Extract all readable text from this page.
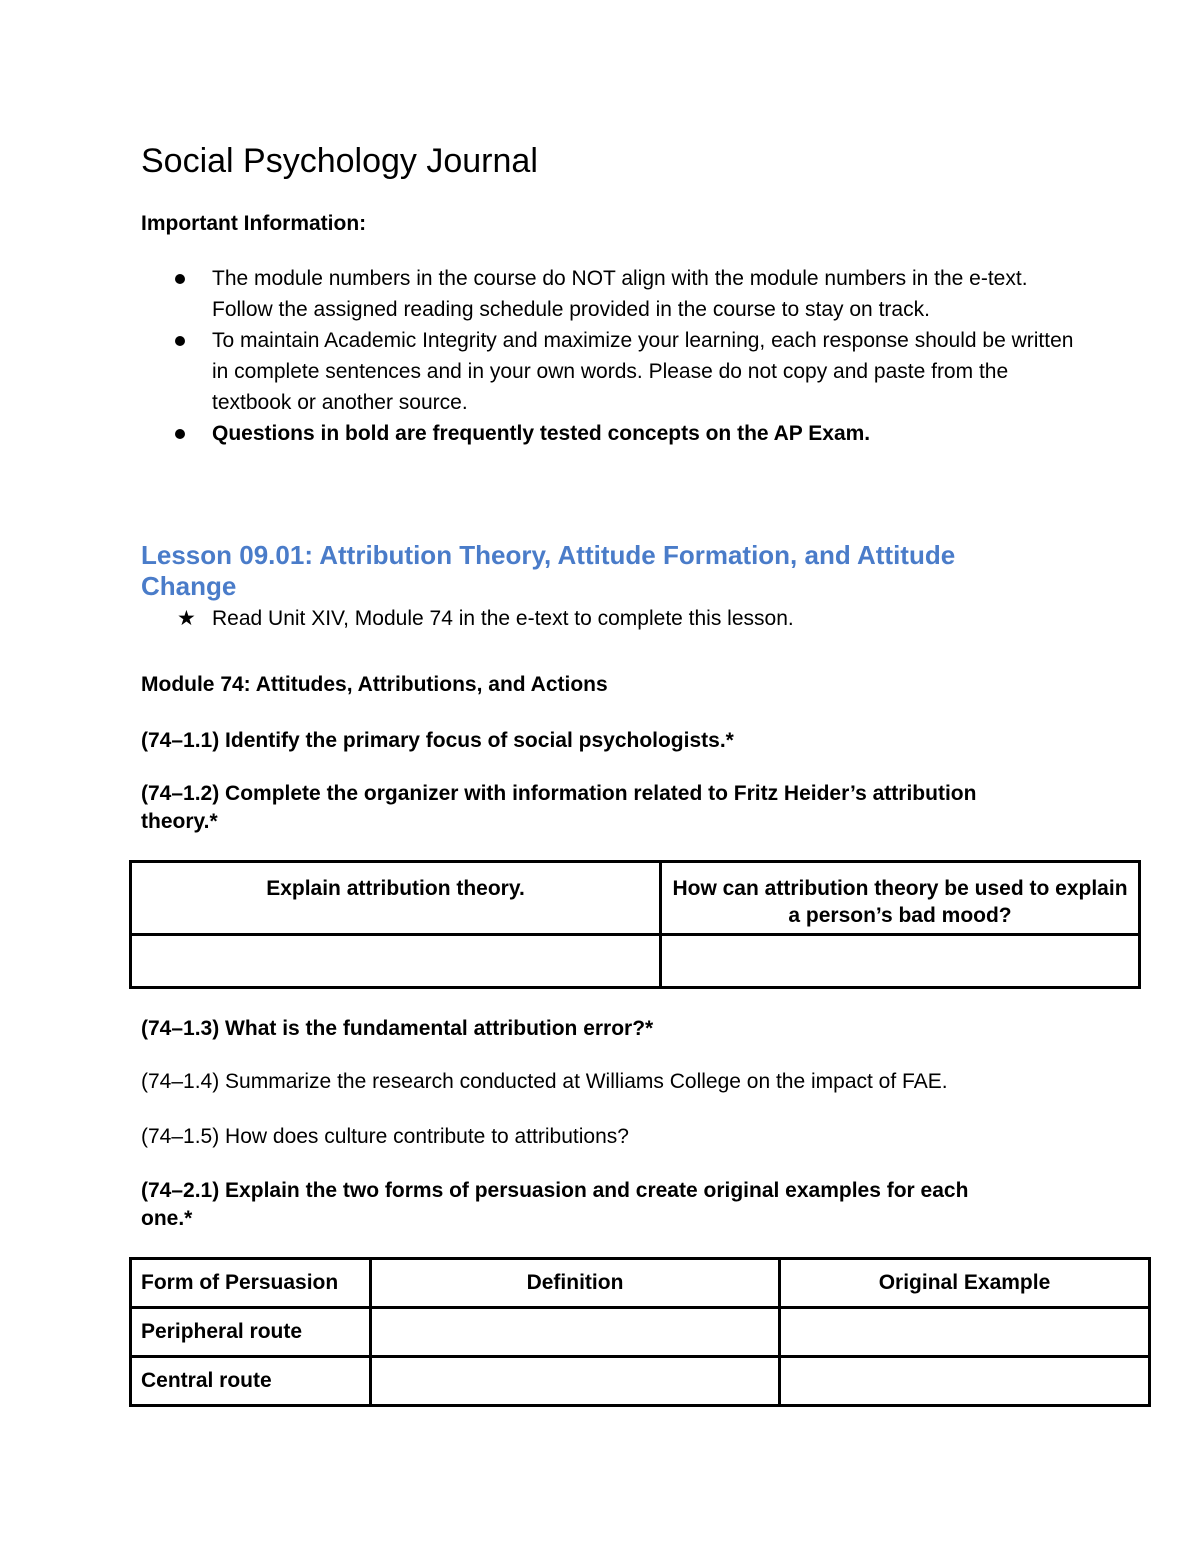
Social Psychology Journal
Important Information:
The module numbers in the course do NOT align with the module numbers in the e-text. Follow the assigned reading schedule provided in the course to stay on track.
To maintain Academic Integrity and maximize your learning, each response should be written in complete sentences and in your own words. Please do not copy and paste from the textbook or another source.
Questions in bold are frequently tested concepts on the AP Exam.
Lesson 09.01: Attribution Theory, Attitude Formation, and Attitude Change
★ Read Unit XIV, Module 74 in the e-text to complete this lesson.
Module 74: Attitudes, Attributions, and Actions
(74–1.1) Identify the primary focus of social psychologists.*
(74–1.2) Complete the organizer with information related to Fritz Heider’s attribution theory.*
Explain attribution theory.	How can attribution theory be used to explain a person’s bad mood?

(74–1.3) What is the fundamental attribution error?*
(74–1.4) Summarize the research conducted at Williams College on the impact of FAE.
(74–1.5) How does culture contribute to attributions?
(74–2.1) Explain the two forms of persuasion and create original examples for each one.*
Form of Persuasion	Definition	Original Example
Peripheral route		
Central route		
